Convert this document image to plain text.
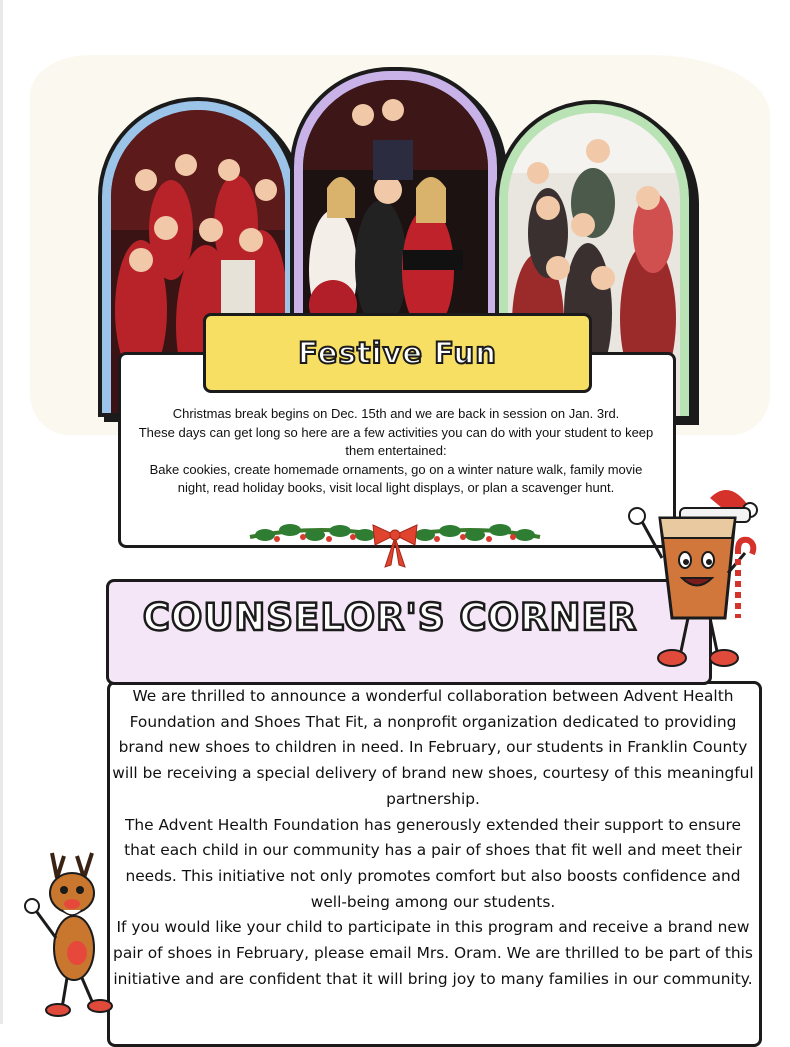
Festive Fun

Christmas break begins on Dec. 15th and we are back in session on Jan. 3rd.

These days can get long so here are a few activities you can do with your student to keep them entertained:

Bake cookies, create homemade ornaments, go on a winter nature walk, family movie night, read holiday books, visit local light displays, or plan a scavenger hunt.

COUNSELOR'S CORNER

We are thrilled to announce a wonderful collaboration between Advent Health Foundation and Shoes That Fit, a nonprofit organization dedicated to providing brand new shoes to children in need. In February, our students in Franklin County will be receiving a special delivery of brand new shoes, courtesy of this meaningful partnership.

The Advent Health Foundation has generously extended their support to ensure that each child in our community has a pair of shoes that fit well and meet their needs. This initiative not only promotes comfort but also boosts confidence and well-being among our students.

If you would like your child to participate in this program and receive a brand new pair of shoes in February, please email Mrs. Oram. We are thrilled to be part of this initiative and are confident that it will bring joy to many families in our community.
